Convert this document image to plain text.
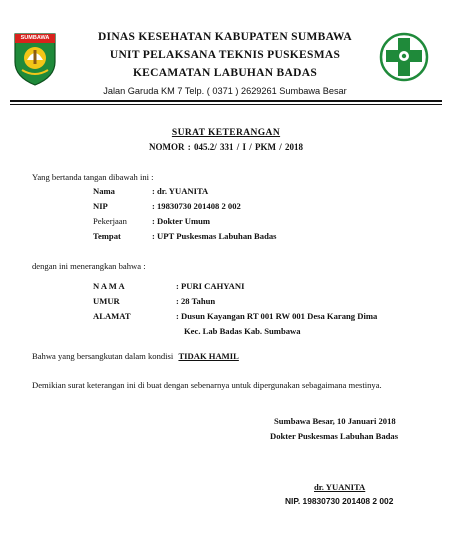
SUMBAWA	DINAS KESEHATAN KABUPATEN SUMBAWA
UNIT PELAKSANA TEKNIS PUSKESMAS
KECAMATAN LABUHAN BADAS
Jalan Garuda KM 7 Telp. ( 0371 ) 2629261 Sumbawa Besar
SURAT KETERANGAN
NOMOR : 045.2/ 331 / I / PKM / 2018
Yang bertanda tangan dibawah ini :
Nama	: dr. YUANITA
NIP	: 19830730 201408 2 002
Pekerjaan	: Dokter Umum
Tempat	: UPT Puskesmas Labuhan Badas
dengan ini menerangkan bahwa :
N A M A	: PURI CAHYANI
UMUR	: 28 Tahun
ALAMAT	: Dusun Kayangan RT 001 RW 001 Desa Karang Dima
Kec. Lab Badas Kab. Sumbawa
Bahwa yang bersangkutan dalam kondisi TIDAK HAMIL
Demikian surat keterangan ini di buat dengan sebenarnya untuk dipergunakan sebagaimana mestinya.
Sumbawa Besar, 10 Januari 2018
Dokter Puskesmas Labuhan Badas
dr. YUANITA
NIP. 19830730 201408 2 002
